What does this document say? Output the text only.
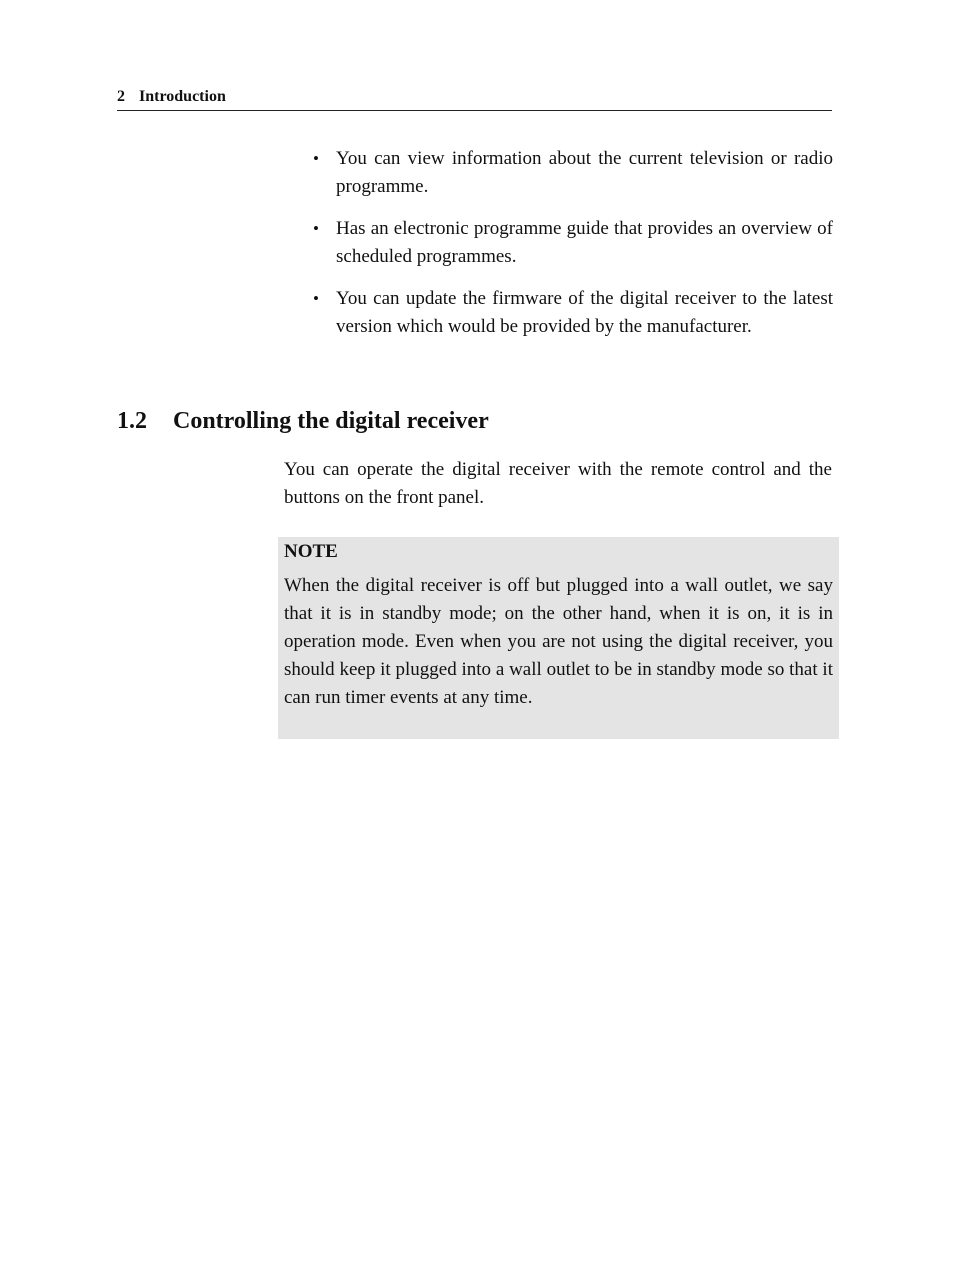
2 Introduction
• You can view information about the current television or radio programme.
• Has an electronic programme guide that provides an overview of scheduled programmes.
• You can update the firmware of the digital receiver to the latest version which would be provided by the manufacturer.
1.2 Controlling the digital receiver

You can operate the digital receiver with the remote control and the buttons on the front panel.

NOTE

When the digital receiver is off but plugged into a wall outlet, we say that it is in standby mode; on the other hand, when it is on, it is in operation mode. Even when you are not using the digital receiver, you should keep it plugged into a wall outlet to be in standby mode so that it can run timer events at any time.
